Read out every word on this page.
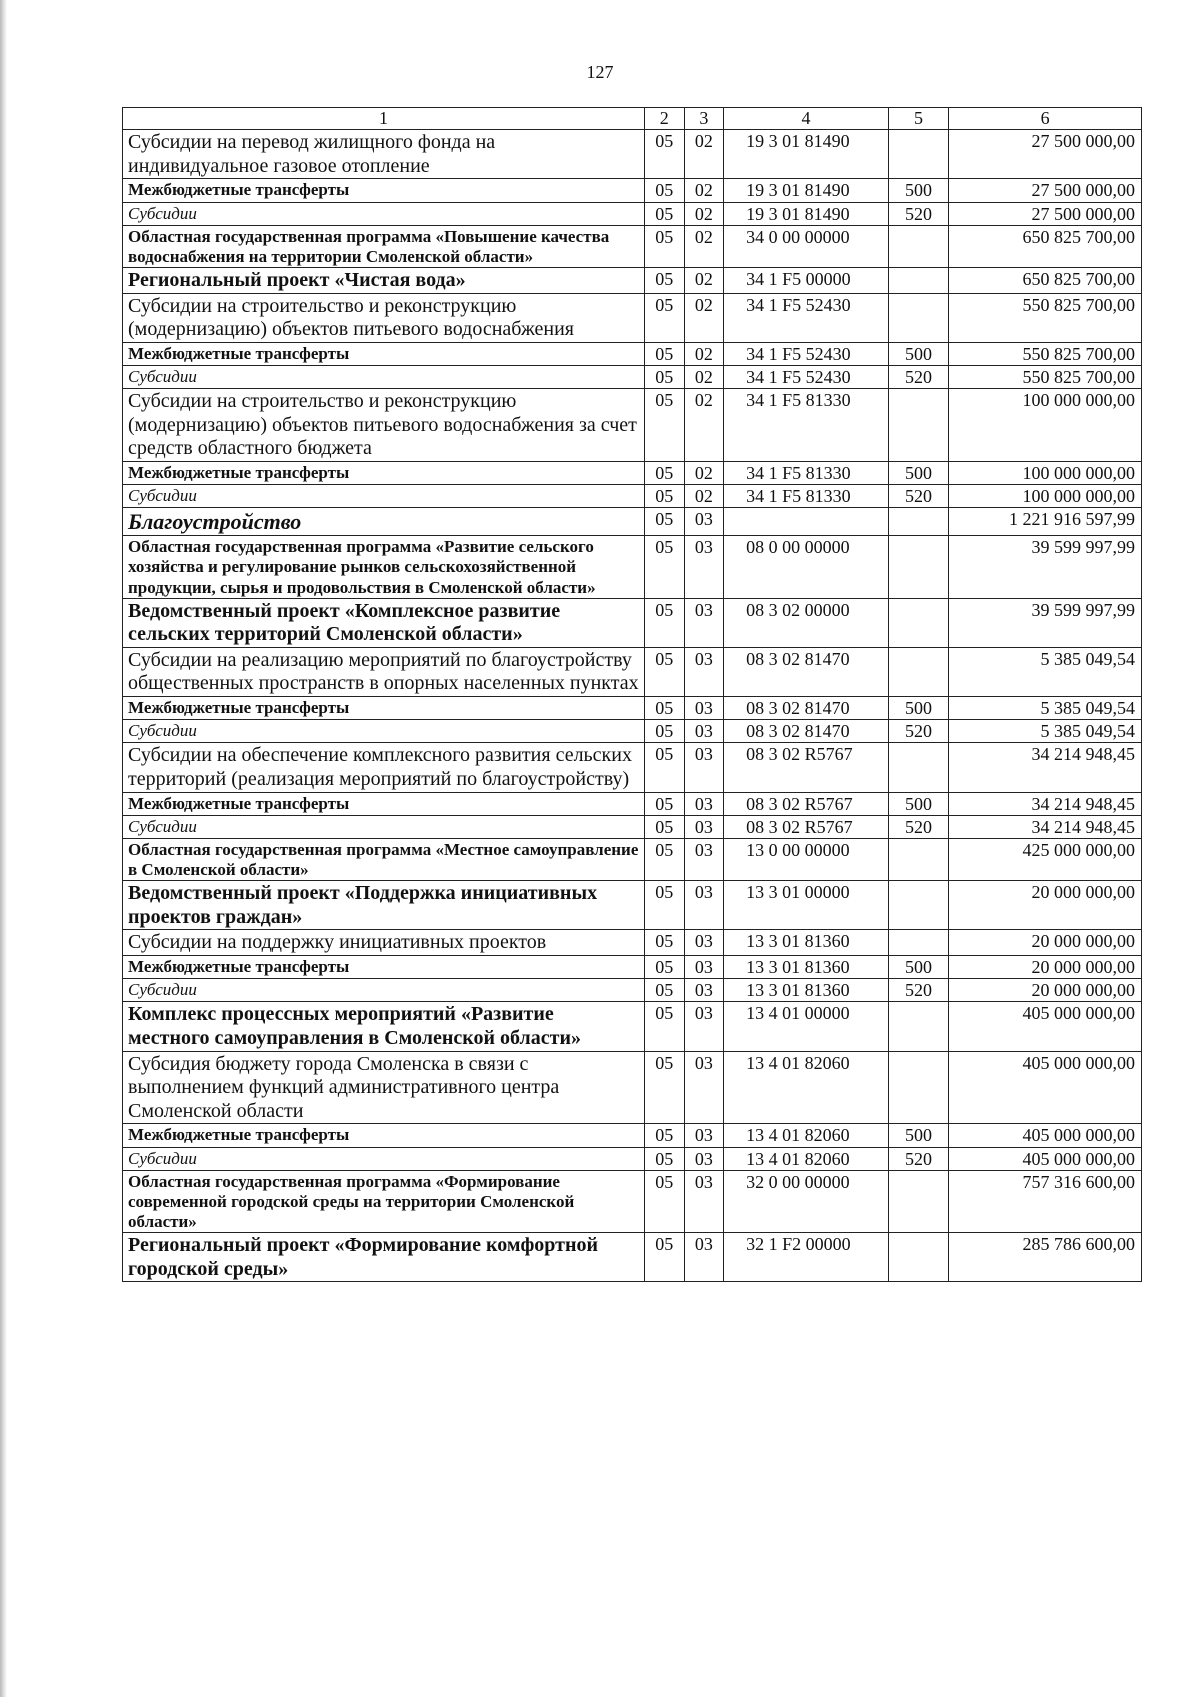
127
1	2	3	4	5	6
Субсидии на перевод жилищного фонда на индивидуальное газовое отопление	05	02	19 3 01 81490		27 500 000,00
Межбюджетные трансферты	05	02	19 3 01 81490	500	27 500 000,00
Субсидии	05	02	19 3 01 81490	520	27 500 000,00
Областная государственная программа «Повышение качества водоснабжения на территории Смоленской области»	05	02	34 0 00 00000		650 825 700,00
Региональный проект «Чистая вода»	05	02	34 1 F5 00000		650 825 700,00
Субсидии на строительство и реконструкцию (модернизацию) объектов питьевого водоснабжения	05	02	34 1 F5 52430		550 825 700,00
Межбюджетные трансферты	05	02	34 1 F5 52430	500	550 825 700,00
Субсидии	05	02	34 1 F5 52430	520	550 825 700,00
Субсидии на строительство и реконструкцию (модернизацию) объектов питьевого водоснабжения за счет средств областного бюджета	05	02	34 1 F5 81330		100 000 000,00
Межбюджетные трансферты	05	02	34 1 F5 81330	500	100 000 000,00
Субсидии	05	02	34 1 F5 81330	520	100 000 000,00
Благоустройство	05	03			1 221 916 597,99
Областная государственная программа «Развитие сельского хозяйства и регулирование рынков сельскохозяйственной продукции, сырья и продовольствия в Смоленской области»	05	03	08 0 00 00000		39 599 997,99
Ведомственный проект «Комплексное развитие сельских территорий Смоленской области»	05	03	08 3 02 00000		39 599 997,99
Субсидии на реализацию мероприятий по благоустройству общественных пространств в опорных населенных пунктах	05	03	08 3 02 81470		5 385 049,54
Межбюджетные трансферты	05	03	08 3 02 81470	500	5 385 049,54
Субсидии	05	03	08 3 02 81470	520	5 385 049,54
Субсидии на обеспечение комплексного развития сельских территорий (реализация мероприятий по благоустройству)	05	03	08 3 02 R5767		34 214 948,45
Межбюджетные трансферты	05	03	08 3 02 R5767	500	34 214 948,45
Субсидии	05	03	08 3 02 R5767	520	34 214 948,45
Областная государственная программа «Местное самоуправление в Смоленской области»	05	03	13 0 00 00000		425 000 000,00
Ведомственный проект «Поддержка инициативных проектов граждан»	05	03	13 3 01 00000		20 000 000,00
Субсидии на поддержку инициативных проектов	05	03	13 3 01 81360		20 000 000,00
Межбюджетные трансферты	05	03	13 3 01 81360	500	20 000 000,00
Субсидии	05	03	13 3 01 81360	520	20 000 000,00
Комплекс процессных мероприятий «Развитие местного самоуправления в Смоленской области»	05	03	13 4 01 00000		405 000 000,00
Субсидия бюджету города Смоленска в связи с выполнением функций административного центра Смоленской области	05	03	13 4 01 82060		405 000 000,00
Межбюджетные трансферты	05	03	13 4 01 82060	500	405 000 000,00
Субсидии	05	03	13 4 01 82060	520	405 000 000,00
Областная государственная программа «Формирование современной городской среды на территории Смоленской области»	05	03	32 0 00 00000		757 316 600,00
Региональный проект «Формирование комфортной городской среды»	05	03	32 1 F2 00000		285 786 600,00
